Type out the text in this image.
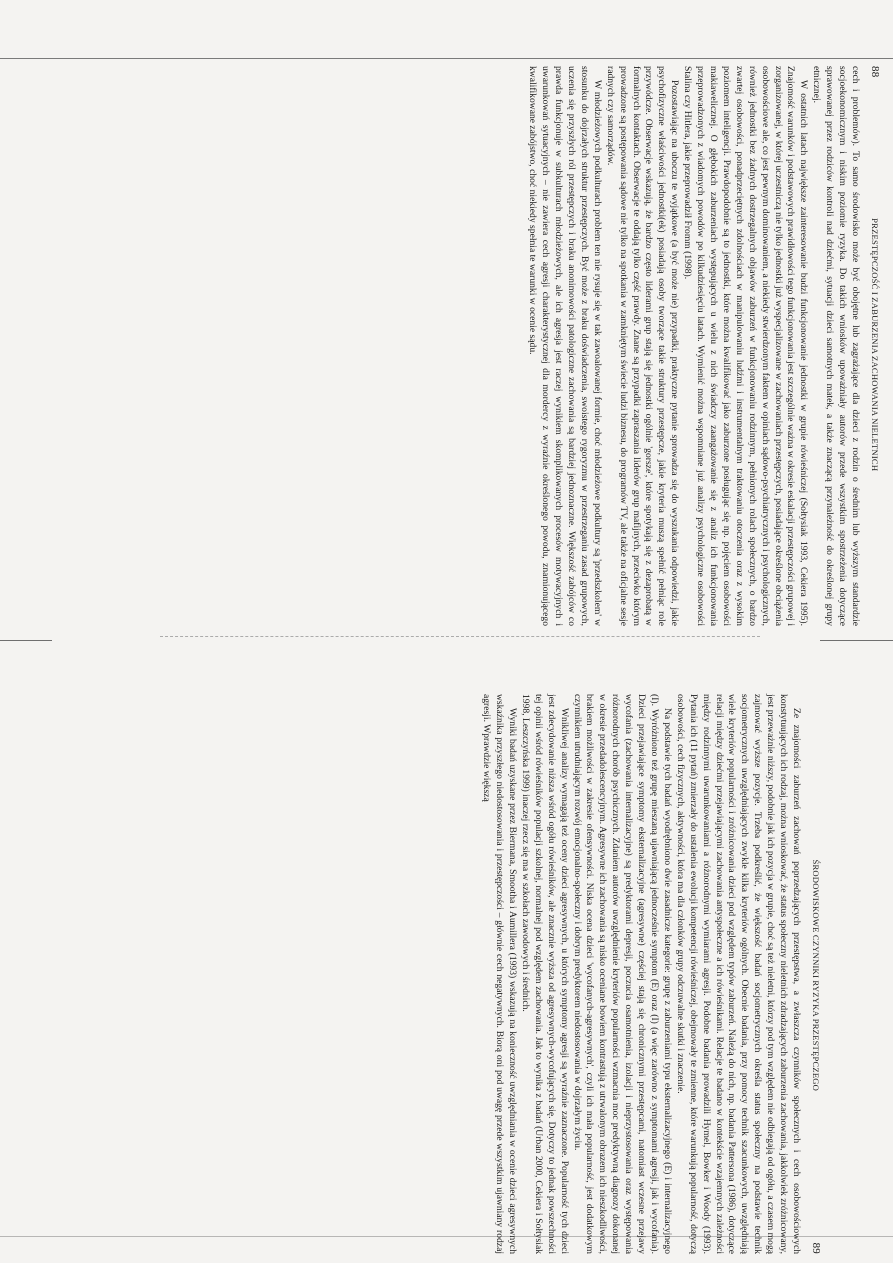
88
PRZESTĘPCZOŚĆ I ZABURZENIA ZACHOWANIA NIELETNICH

cech i problemów). To samo środowisko może być obojętne lub zagrażające dla dzieci z rodzin o średnim lub wyższym standardzie socjoekonomicznym i niskim poziomie ryzyka. Do takich wniosków upoważniały autorów przede wszystkim spostrzeżenia dotyczące sprawowanej przez rodziców kontroli nad dziećmi, sytuacji dzieci samotnych matek, a także znaczącą przynależność do określonej grupy etnicznej.

W ostatnich latach największe zainteresowanie budzi funkcjonowanie jednostki w grupie rówieśniczej (Sołtysiak 1993, Cekiera 1995). Znajomość warunków i podstawowych prawidłowości tego funkcjonowania jest szczególnie ważna w okresie eskalacji przestępczości grupowej i zorganizowanej, w której uczestniczą nie tylko jednostki już wyspecjalizowane w zachowaniach przestępczych, posiadające określone obciążenia osobowościowe ale, co jest pewnym dominowaniem, a niekiedy stwierdzonym faktem w opiniach sądowo-psychiatrycznych i psychologicznych, również jednostki bez żadnych dostrzegalnych objawów zaburzeń w funkcjonowaniu rodzinnym, pełnionych rolach społecznych, o bardzo zwartej osobowości, ponadprzeciętnych zdolnościach w manipulowaniu ludźmi i instrumentalnym traktowaniu otoczenia oraz z wysokim poziomem inteligencji. Prawdopodobnie są to jednostki, które można kwalifikować jako zaburzone posługując się np. pojęciem osobowości makiawelicznej. O głębokich zaburzeniach występujących u wielu z nich świadczy zaangażowanie się z analiz ich funkcjonowania przeprowadzonych z wiadomych powodów po kilkudziesięciu latach. Wymienić można wspomniane już analizy psychologiczne osobowości Stalina czy Hitlera, jakie przeprowadził Fromm (1998).

Pozostawiając na uboczu te wyjątkowe (a być może nie) przypadki, praktyczne pytanie sprowadza się do wyszukania odpowiedzi, jakie psychofizyczne właściwości jednostki(ek) posiadają osoby tworzące takie struktury przestępcze, jakie kryteria muszą spełnić pełniąc role przywódcze. Obserwacje wskazują, że bardzo często liderami grup stają się jednostki ogólnie 'gorsze', które spotykają się z dezaprobatą w formalnych kontaktach. Obserwacje te oddają tylko część prawdy. Znane są przypadki zapraszania liderów grup mafijnych, przeciwko którym prowadzone są postępowania sądowe nie tylko na spotkania w zamkniętym świecie ludzi biznesu, do programów TV, ale także na oficjalne sesje radnych czy samorządów.

W młodzieżowych podkulturach problem ten nie rysuje się w tak zawoalowanej formie, choć młodzieżowe podkultury są 'przedszkolem' w stosunku do dojrzałych struktur przestępczych. Być może z braku doświadczenia, swoistego rygoryzmu w przestrzeganiu zasad grupowych, uczenia się przyszłych ról przestępczych i braku anonimowości patologiczne zachowania są bardziej jednoznaczne. Większość zabójców co prawda funkcjonuje w subkulturach młodzieżowych, ale ich agresja jest raczej wynikiem skomplikowanych procesów motywacyjnych i uwarunkowań sytuacyjnych – nie zawiera cech agresji charakterystycznej dla mordercy z wyraźnie określonego powodu, znamionującego kwalifikowane zabójstwo, choć niekiedy spełnia te warunki w ocenie sądu.

ŚRODOWISKOWE CZYNNIKI RYZYKA PRZESTĘPCZEGO
89

Ze znajomości zaburzeń zachowań poprzedzających przestępstwa, a zwłaszcza czynników społecznych i cech osobowościowych konstytuujących ich rodzaj, można wnioskować, że status społeczny nieletnich zdradzających zaburzenia zachowania, jakkolwiek zróżnicowany, jest przeważnie niższy, podobnie jak ich pozycja w grupie, choć są też nieletni, którzy pod tym względem nie odbiegają od ogółu, a czasem mogą zajmować wyższe pozycje. Trzeba podkreślić, że większość badań socjometrycznych określa status społeczny na podstawie technik socjometrycznych uwzględniających zwykle kilka kryteriów ogólnych. Obecnie badania, przy pomocy technik szacunkowych, uwzględniają wiele kryteriów popularności i zróżnicowania dzieci pod względem typów zaburzeń. Należą do nich, np. badania Pattersona (1986), dotyczące relacji między dziećmi przejawiającymi zachowania antyspołeczne a ich rówieśnikami. Relacje te badano w kontekście wzajemnych zależności między rodzinnymi uwarunkowaniami a różnorodnymi wymiarami agresji. Podobne badania prowadzili Hymel, Bowker i Woody (1993). Pytania ich (11 pytań) zmierzały do ustalenia ewolucji kompetencji rówieśniczej, obejmowały te zmienne, które warunkują popularność, dotyczą osobowości, cech fizycznych, aktywności, która ma dla członków grupy odczuwalne skutki i znaczenie.

Na podstawie tych badań wyodrębniono dwie zasadnicze kategorie: grupę z zaburzeniami typu eksternalizacyjnego (E) i internalizacyjnego (I). Wyróżniono też grupę mieszaną ujawniającą jednocześnie symptom (E) oraz (I) (a więc zarówno z symptomami agresji, jak i wycofania). Dzieci przejawiające symptomy eksternalizacyjne (agresywne) częściej stają się chronicznymi przestępcami, natomiast wczesne przejawy wycofania (zachowania internalizacyjne) są predyktorami depresji, poczucia osamotnienia, izolacji i nieprzystosowania oraz występowania różnorodnych chorób psychicznych. Zdaniem autorów uwzględnienie kryteriów popularności wzmacnia moc predyktywną diagnozy dokonanej w okresie przedadolescencyjnym. Agresywne ich zachowania są nisko oceniane bowiem kontrastują z utrwalonym obrazem ich nieszkodliwości, brakiem możliwości w zakresie ofensywności. Niska ocena dzieci 'wycofanych-agresywnych', czyli ich mała popularność, jest dodatkowym czynnikiem utrudniającym rozwój emocjonalno-społeczny i dobrym predyktorem niedostosowania w dojrzałym życiu.

Wnikliwej analizy wymagają też oceny dzieci agresywnych, u których symptomy agresji są wyraźnie zaznaczone. Popularność tych dzieci jest zdecydowanie niższa wśród ogółu rówieśników, ale znacznie wyższa od agresywnych-wycofujących się. Dotyczy to jednak powszechności tej opinii wśród rówieśników populacji szkolnej, normalnej pod względem zachowania. Jak to wynika z badań (Urban 2000, Cekiera i Sołtysiak 1998, Leszczyńska 1999) inaczej rzecz się ma w szkołach zawodowych i średnich.

Wyniki badań uzyskane przez Biermana, Smootha i Aumillera (1993) wskazują na konieczność uwzględniania w ocenie dzieci agresywnych wskaźnika przyszłego niedostosowania i przestępczości – głównie cech negatywnych. Biorą oni pod uwagę przede wszystkim ujawniany rodzaj agresji. Wprawdzie większą
